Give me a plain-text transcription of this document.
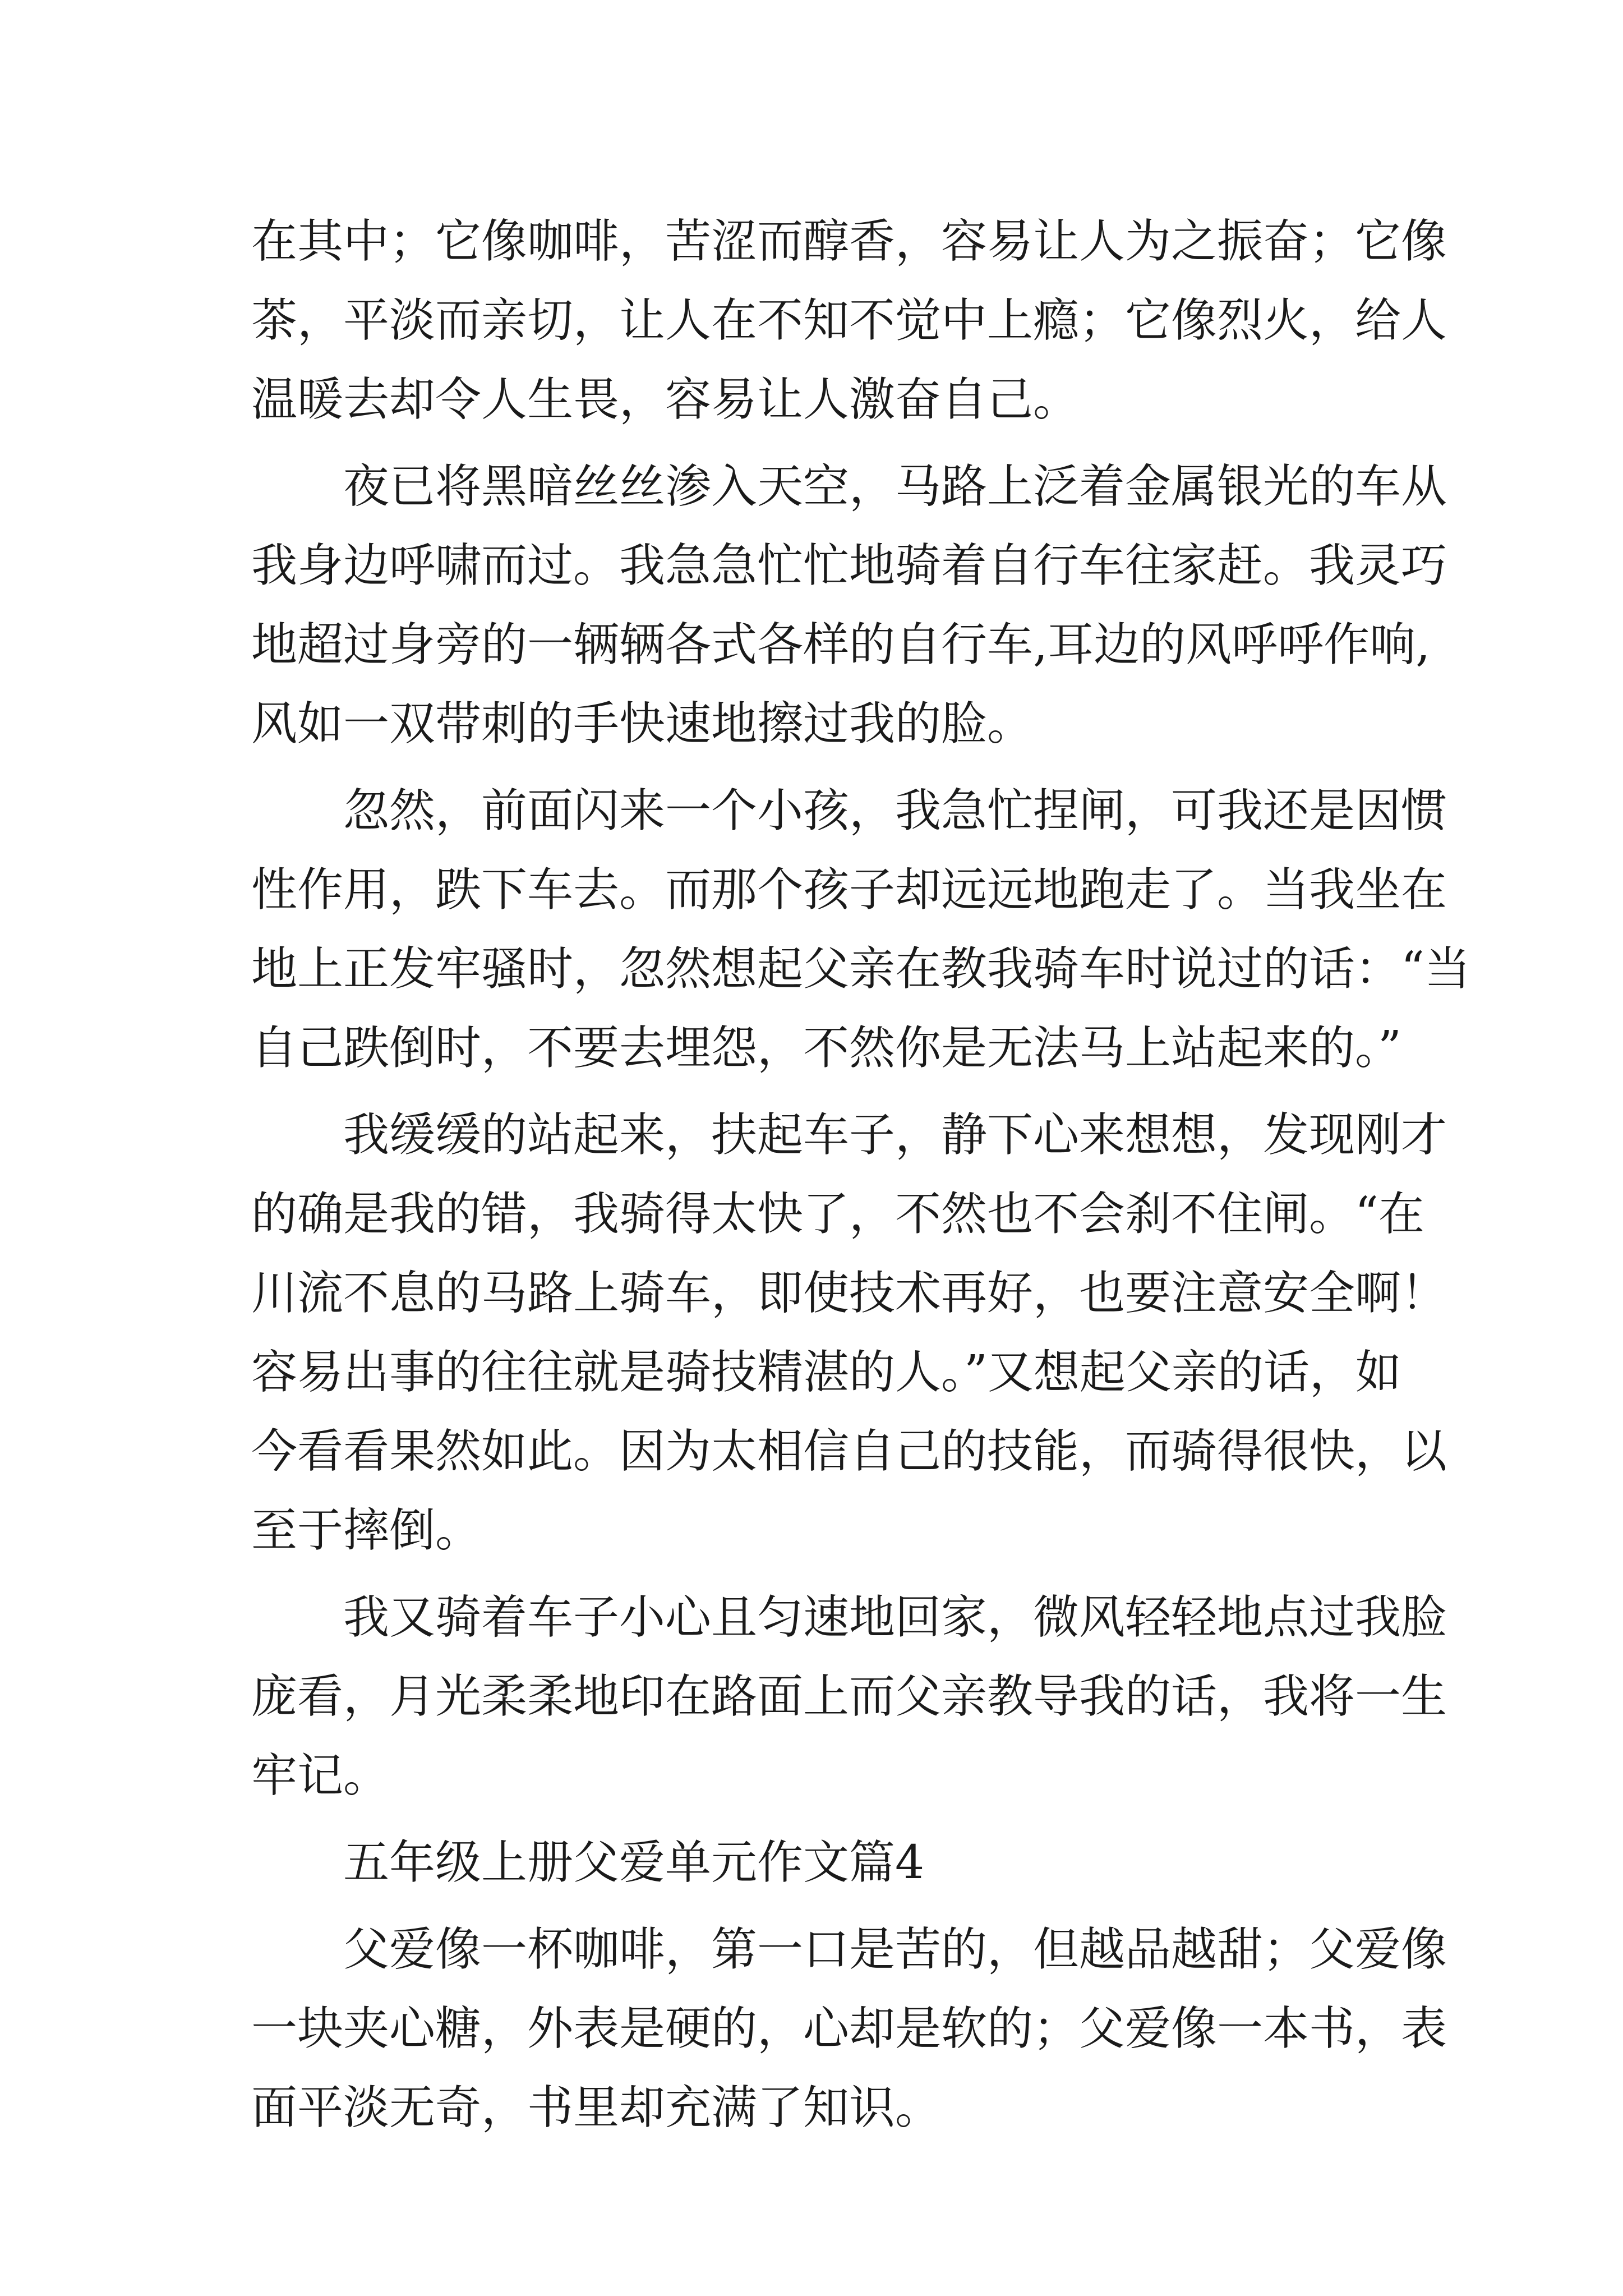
在其中；它像咖啡，苦涩而醇香，容易让人为之振奋；它像
茶，平淡而亲切，让人在不知不觉中上瘾；它像烈火，给人
温暖去却令人生畏，容易让人激奋自己。

夜已将黑暗丝丝渗入天空，马路上泛着金属银光的车从
我身边呼啸而过。我急急忙忙地骑着自行车往家赶。我灵巧
地超过身旁的一辆辆各式各样的自行车,耳边的风呼呼作响,
风如一双带刺的手快速地擦过我的脸。

忽然，前面闪来一个小孩，我急忙捏闸，可我还是因惯
性作用，跌下车去。而那个孩子却远远地跑走了。当我坐在
地上正发牢骚时，忽然想起父亲在教我骑车时说过的话：“当
自己跌倒时，不要去埋怨，不然你是无法马上站起来的。”

我缓缓的站起来，扶起车子，静下心来想想，发现刚才
的确是我的错，我骑得太快了，不然也不会刹不住闸。“在
川流不息的马路上骑车，即使技术再好，也要注意安全啊！
容易出事的往往就是骑技精湛的人。”又想起父亲的话，如
今看看果然如此。因为太相信自己的技能，而骑得很快，以
至于摔倒。

我又骑着车子小心且匀速地回家，微风轻轻地点过我脸
庞看，月光柔柔地印在路面上而父亲教导我的话，我将一生
牢记。

五年级上册父爱单元作文篇4

父爱像一杯咖啡，第一口是苦的，但越品越甜；父爱像
一块夹心糖，外表是硬的，心却是软的；父爱像一本书，表
面平淡无奇，书里却充满了知识。
